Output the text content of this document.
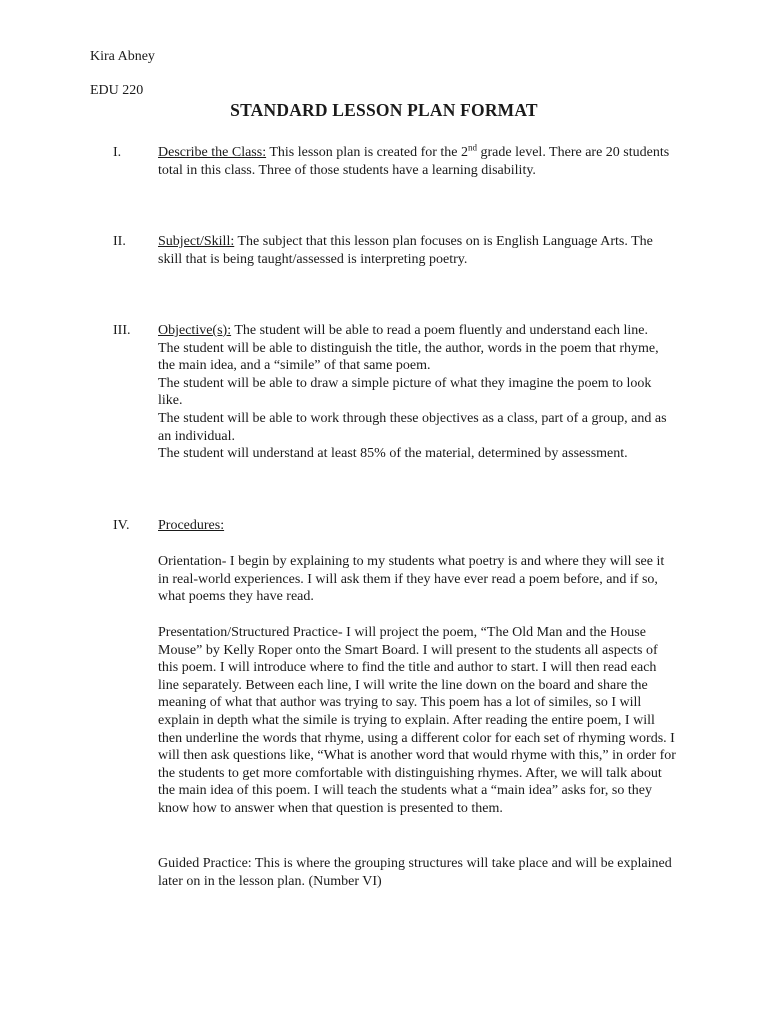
Kira Abney
EDU 220
STANDARD LESSON PLAN FORMAT
I.	Describe the Class: This lesson plan is created for the 2nd grade level. There are 20 students total in this class. Three of those students have a learning disability.

II. Subject/Skill: The subject that this lesson plan focuses on is English Language Arts. The skill that is being taught/assessed is interpreting poetry.

III. Objective(s): The student will be able to read a poem fluently and understand each line.

The student will be able to distinguish the title, the author, words in the poem that rhyme, the main idea, and a “simile” of that same poem.

The student will be able to draw a simple picture of what they imagine the poem to look like.

The student will be able to work through these objectives as a class, part of a group, and as an individual.

The student will understand at least 85% of the material, determined by assessment.

IV. Procedures:

Orientation- I begin by explaining to my students what poetry is and where they will see it in real-world experiences. I will ask them if they have ever read a poem before, and if so, what poems they have read.

Presentation/Structured Practice- I will project the poem, “The Old Man and the House Mouse” by Kelly Roper onto the Smart Board. I will present to the students all aspects of this poem. I will introduce where to find the title and author to start. I will then read each line separately. Between each line, I will write the line down on the board and share the meaning of what that author was trying to say. This poem has a lot of similes, so I will explain in depth what the simile is trying to explain. After reading the entire poem, I will then underline the words that rhyme, using a different color for each set of rhyming words. I will then ask questions like, “What is another word that would rhyme with this,” in order for the students to get more comfortable with distinguishing rhymes. After, we will talk about the main idea of this poem. I will teach the students what a “main idea” asks for, so they know how to answer when that question is presented to them.

Guided Practice: This is where the grouping structures will take place and will be explained later on in the lesson plan. (Number VI)
